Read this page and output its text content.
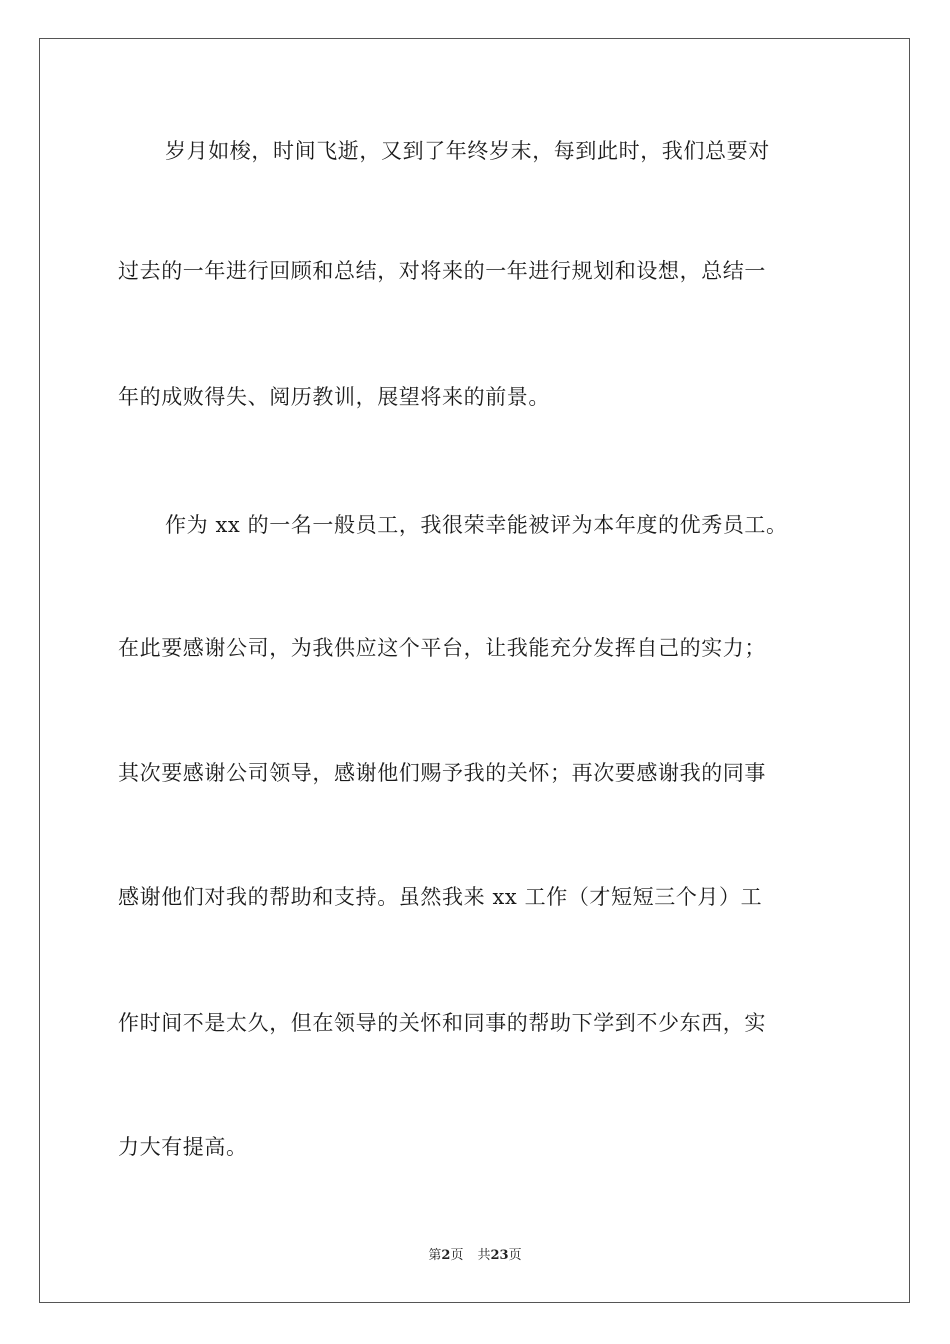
岁月如梭，时间飞逝，又到了年终岁末，每到此时，我们总要对
过去的一年进行回顾和总结，对将来的一年进行规划和设想，总结一
年的成败得失、阅历教训，展望将来的前景。
作为 xx 的一名一般员工，我很荣幸能被评为本年度的优秀员工。
在此要感谢公司，为我供应这个平台，让我能充分发挥自己的实力；
其次要感谢公司领导，感谢他们赐予我的关怀；再次要感谢我的同事
感谢他们对我的帮助和支持。虽然我来 xx 工作（才短短三个月）工
作时间不是太久，但在领导的关怀和同事的帮助下学到不少东西，实
力大有提高。
第2页 共23页
